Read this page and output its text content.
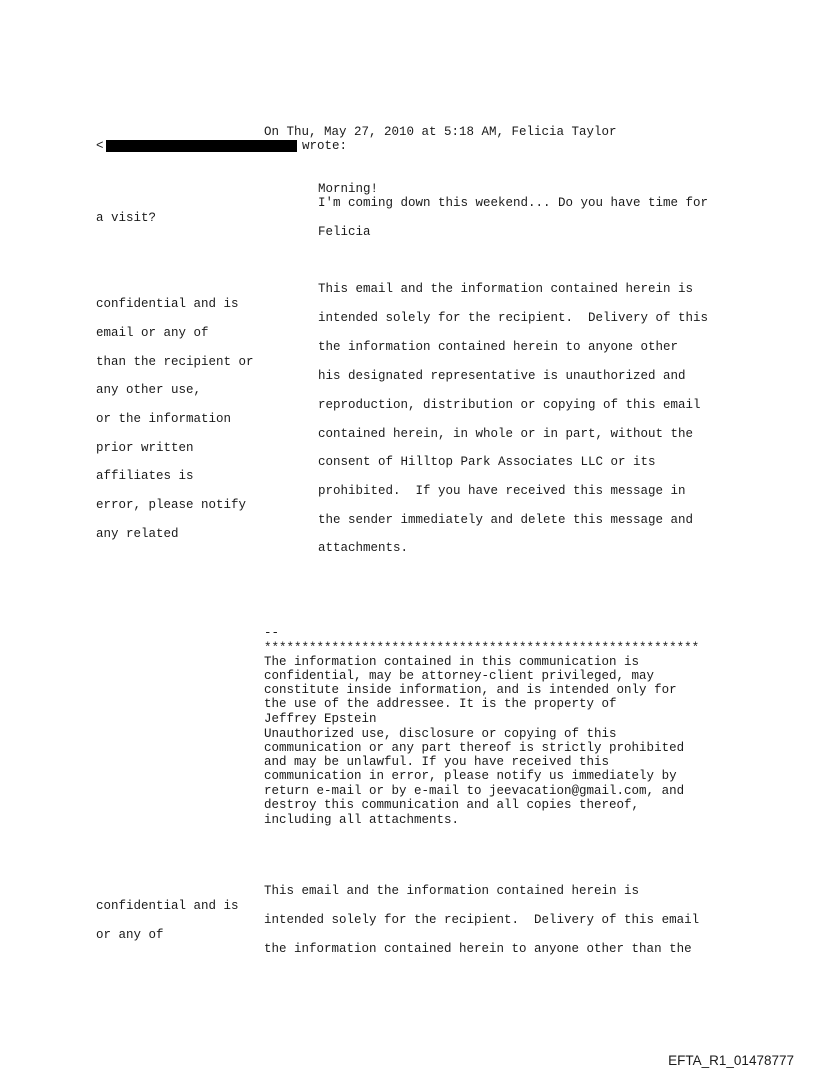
On Thu, May 27, 2010 at 5:18 AM, Felicia Taylor
<	wrote:
Morning!
I'm coming down this weekend... Do you have time for
a visit?
Felicia
This email and the information contained herein is
intended solely for the recipient.  Delivery of this
the information contained herein to anyone other
his designated representative is unauthorized and
reproduction, distribution or copying of this email
contained herein, in whole or in part, without the
consent of Hilltop Park Associates LLC or its
prohibited.  If you have received this message in
the sender immediately and delete this message and
attachments.
confidential and is
email or any of
than the recipient or
any other use,
or the information
prior written
affiliates is
error, please notify
any related
--
**********************************************************
The information contained in this communication is
confidential, may be attorney-client privileged, may
constitute inside information, and is intended only for
the use of the addressee. It is the property of
Jeffrey Epstein
Unauthorized use, disclosure or copying of this
communication or any part thereof is strictly prohibited
and may be unlawful. If you have received this
communication in error, please notify us immediately by
return e-mail or by e-mail to jeevacation@gmail.com, and
destroy this communication and all copies thereof,
including all attachments.
This email and the information contained herein is
intended solely for the recipient.  Delivery of this email
the information contained herein to anyone other than the
confidential and is
or any of
EFTA_R1_01478777
